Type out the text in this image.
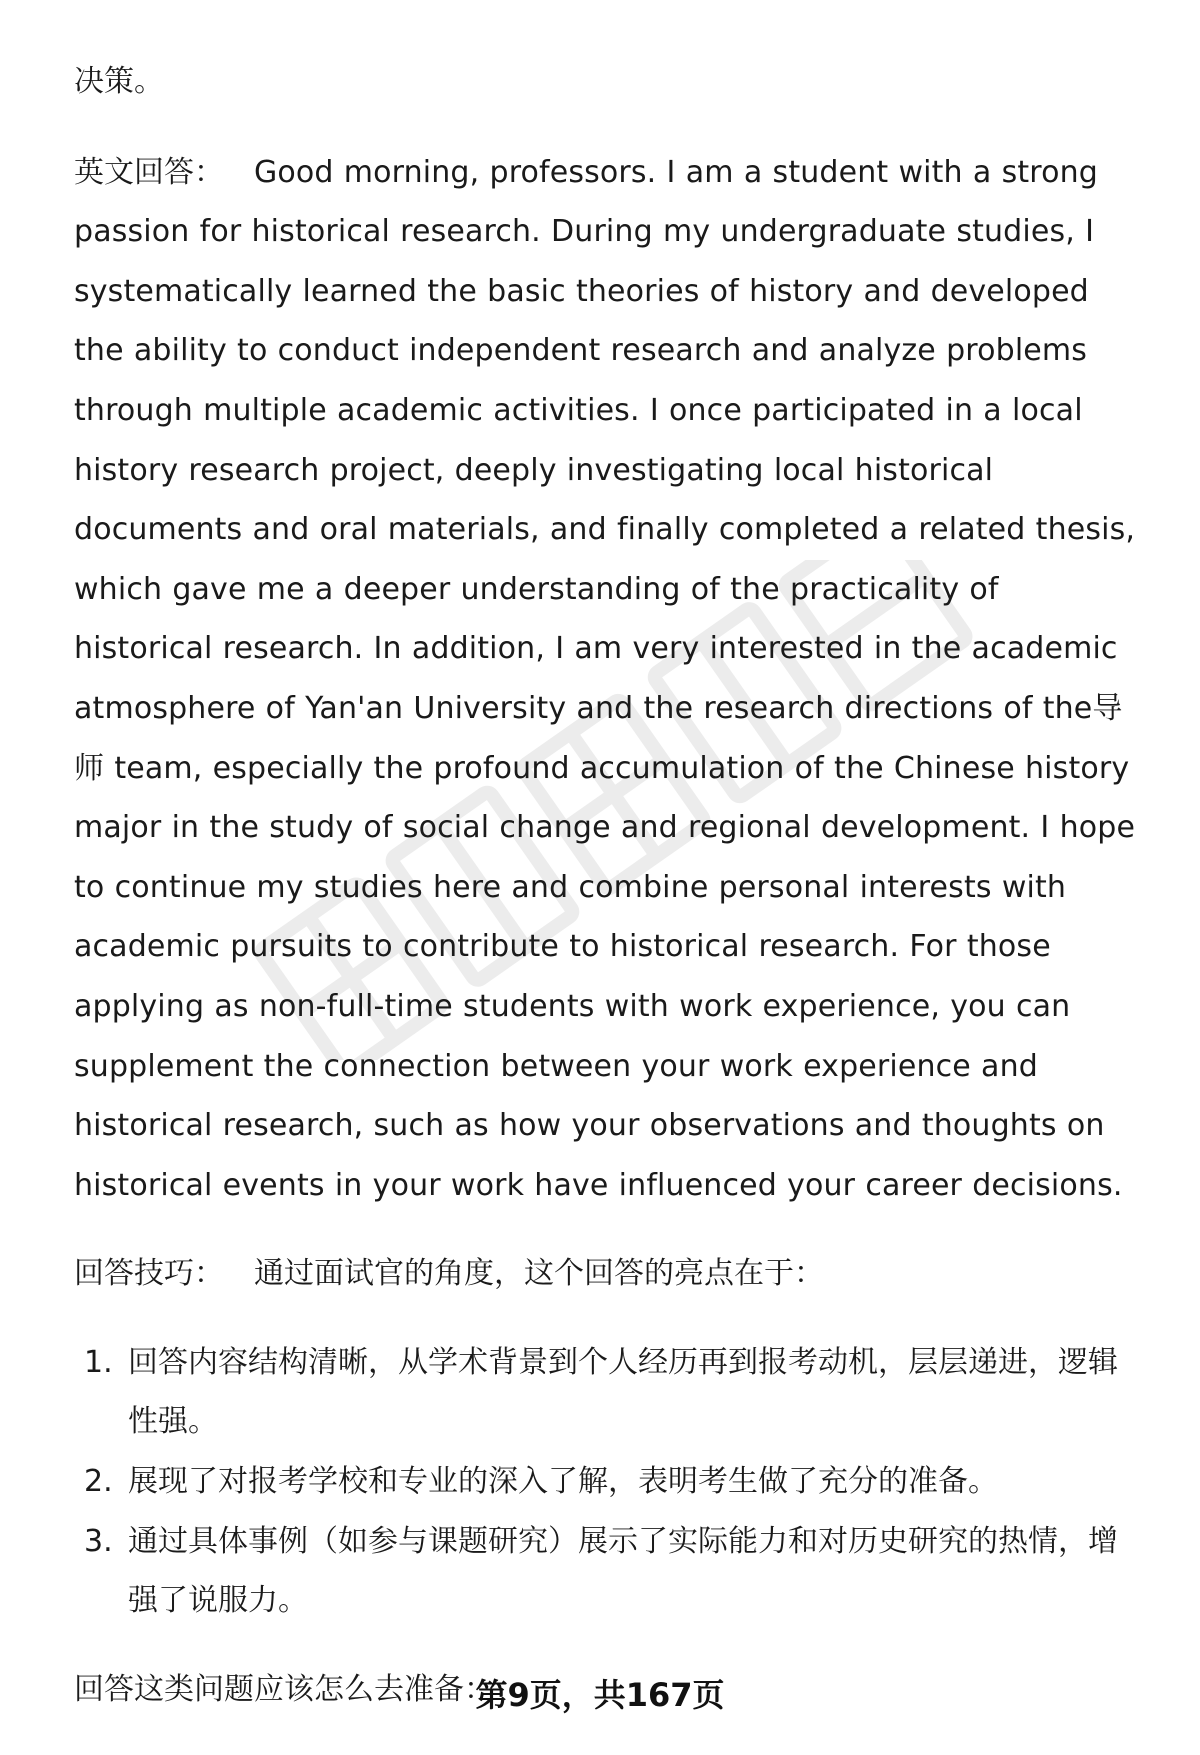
决策。

英文回答： Good morning, professors. I am a student with a strong passion for historical research. During my undergraduate studies, I systematically learned the basic theories of history and developed the ability to conduct independent research and analyze problems through multiple academic activities. I once participated in a local history research project, deeply investigating local historical documents and oral materials, and finally completed a related thesis, which gave me a deeper understanding of the practicality of historical research. In addition, I am very interested in the academic atmosphere of Yan'an University and the research directions of the导师 team, especially the profound accumulation of the Chinese history major in the study of social change and regional development. I hope to continue my studies here and combine personal interests with academic pursuits to contribute to historical research. For those applying as non-full-time students with work experience, you can supplement the connection between your work experience and historical research, such as how your observations and thoughts on historical events in your work have influenced your career decisions.

回答技巧： 通过面试官的角度，这个回答的亮点在于：

1. 回答内容结构清晰，从学术背景到个人经历再到报考动机，层层递进，逻辑性强。
2. 展现了对报考学校和专业的深入了解，表明考生做了充分的准备。
3. 通过具体事例（如参与课题研究）展示了实际能力和对历史研究的热情，增强了说服力。

回答这类问题应该怎么去准备：

第9页，共167页
